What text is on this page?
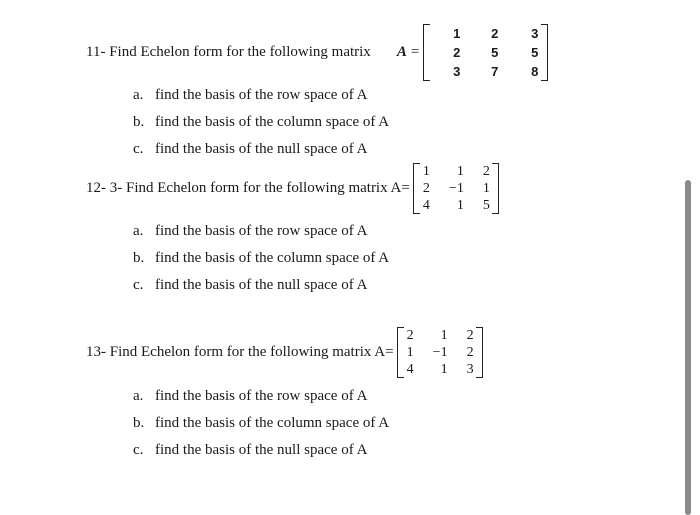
11- Find Echelon form for the following matrix A =
1 2	3
2 5	5
3 7	8
a. find the basis of the row space of A
b. find the basis of the column space of A
c. find the basis of the null space of A
12- 3- Find Echelon form for the following matrix A=
1 1 2
2 −1 1
4 1 5
a. find the basis of the row space of A
b. find the basis of the column space of A
c. find the basis of the null space of A
13- Find Echelon form for the following matrix A=
2 1 2
1 −1 2
4 1 3
a. find the basis of the row space of A
b. find the basis of the column space of A
c. find the basis of the null space of A
